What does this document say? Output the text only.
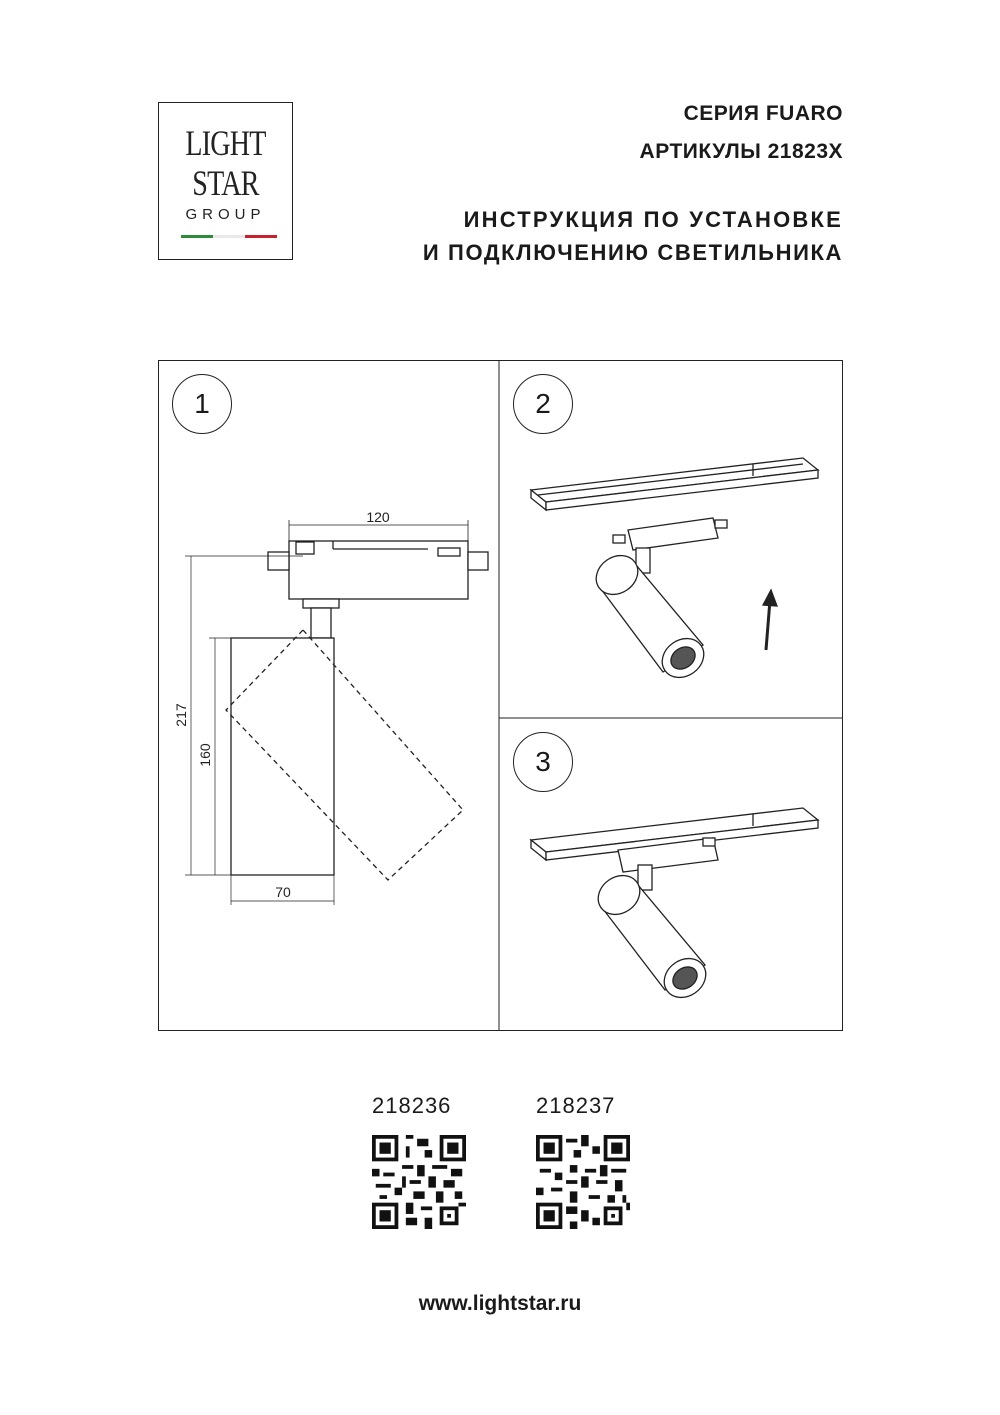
LIGHT
STAR
GROUP
СЕРИЯ FUARO
АРТИКУЛЫ 21823X
ИНСТРУКЦИЯ ПО УСТАНОВКЕ
И ПОДКЛЮЧЕНИЮ СВЕТИЛЬНИКА
120
217
160
70
1	2
3
218236	218237
www.lightstar.ru
